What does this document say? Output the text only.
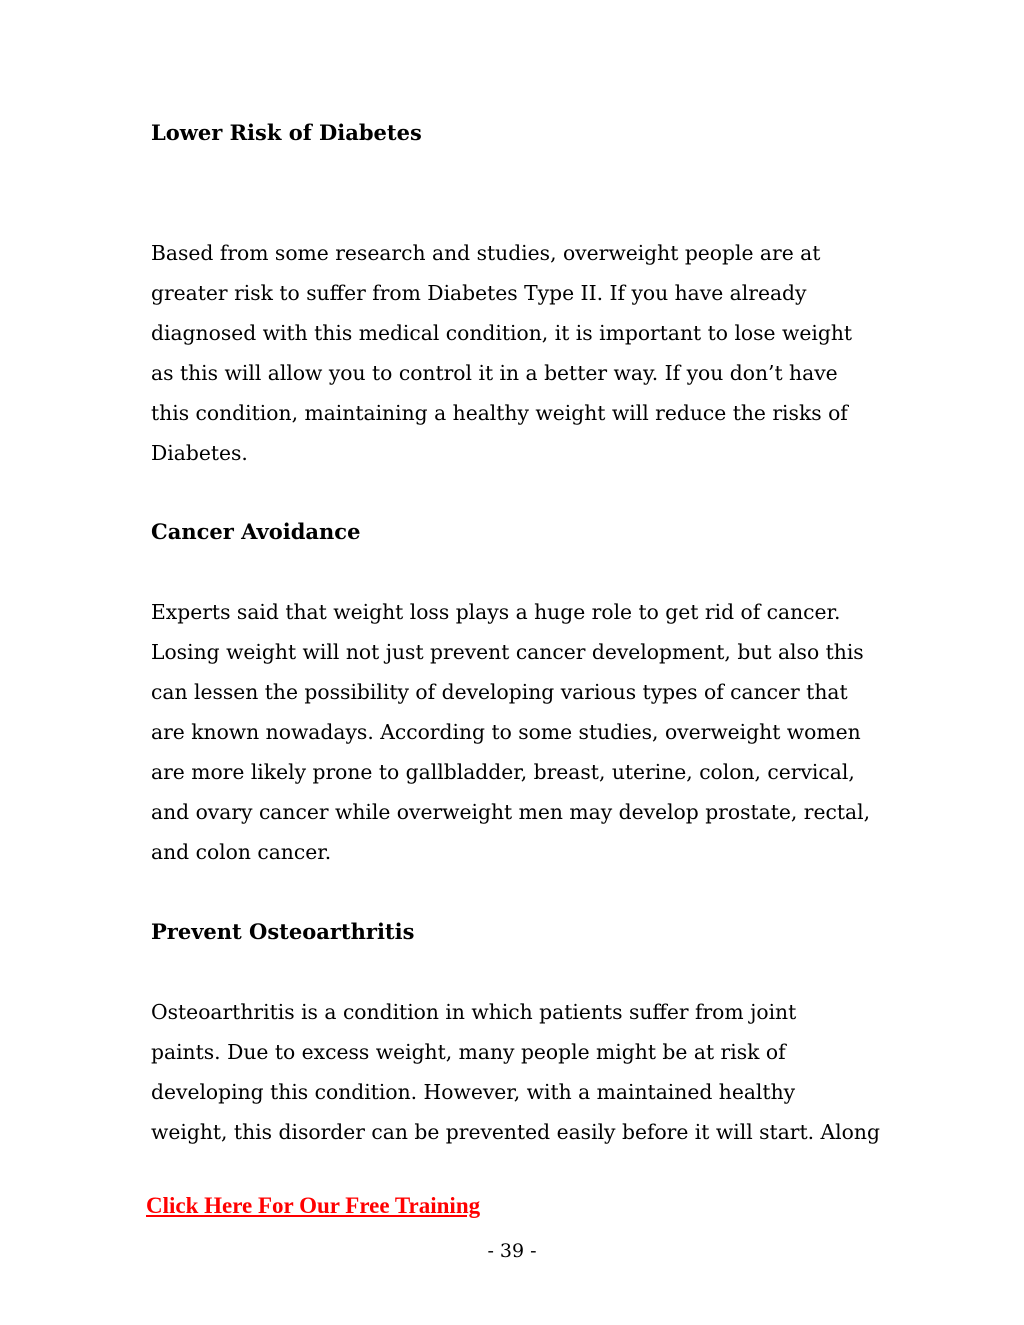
Lower Risk of Diabetes
Based from some research and studies, overweight people are at
greater risk to suffer from Diabetes Type II. If you have already
diagnosed with this medical condition, it is important to lose weight
as this will allow you to control it in a better way. If you don’t have
this condition, maintaining a healthy weight will reduce the risks of
Diabetes.
Cancer Avoidance
Experts said that weight loss plays a huge role to get rid of cancer.
Losing weight will not just prevent cancer development, but also this
can lessen the possibility of developing various types of cancer that
are known nowadays. According to some studies, overweight women
are more likely prone to gallbladder, breast, uterine, colon, cervical,
and ovary cancer while overweight men may develop prostate, rectal,
and colon cancer.
Prevent Osteoarthritis
Osteoarthritis is a condition in which patients suffer from joint
paints. Due to excess weight, many people might be at risk of
developing this condition. However, with a maintained healthy
weight, this disorder can be prevented easily before it will start. Along
Click Here For Our Free Training
- 39 -
